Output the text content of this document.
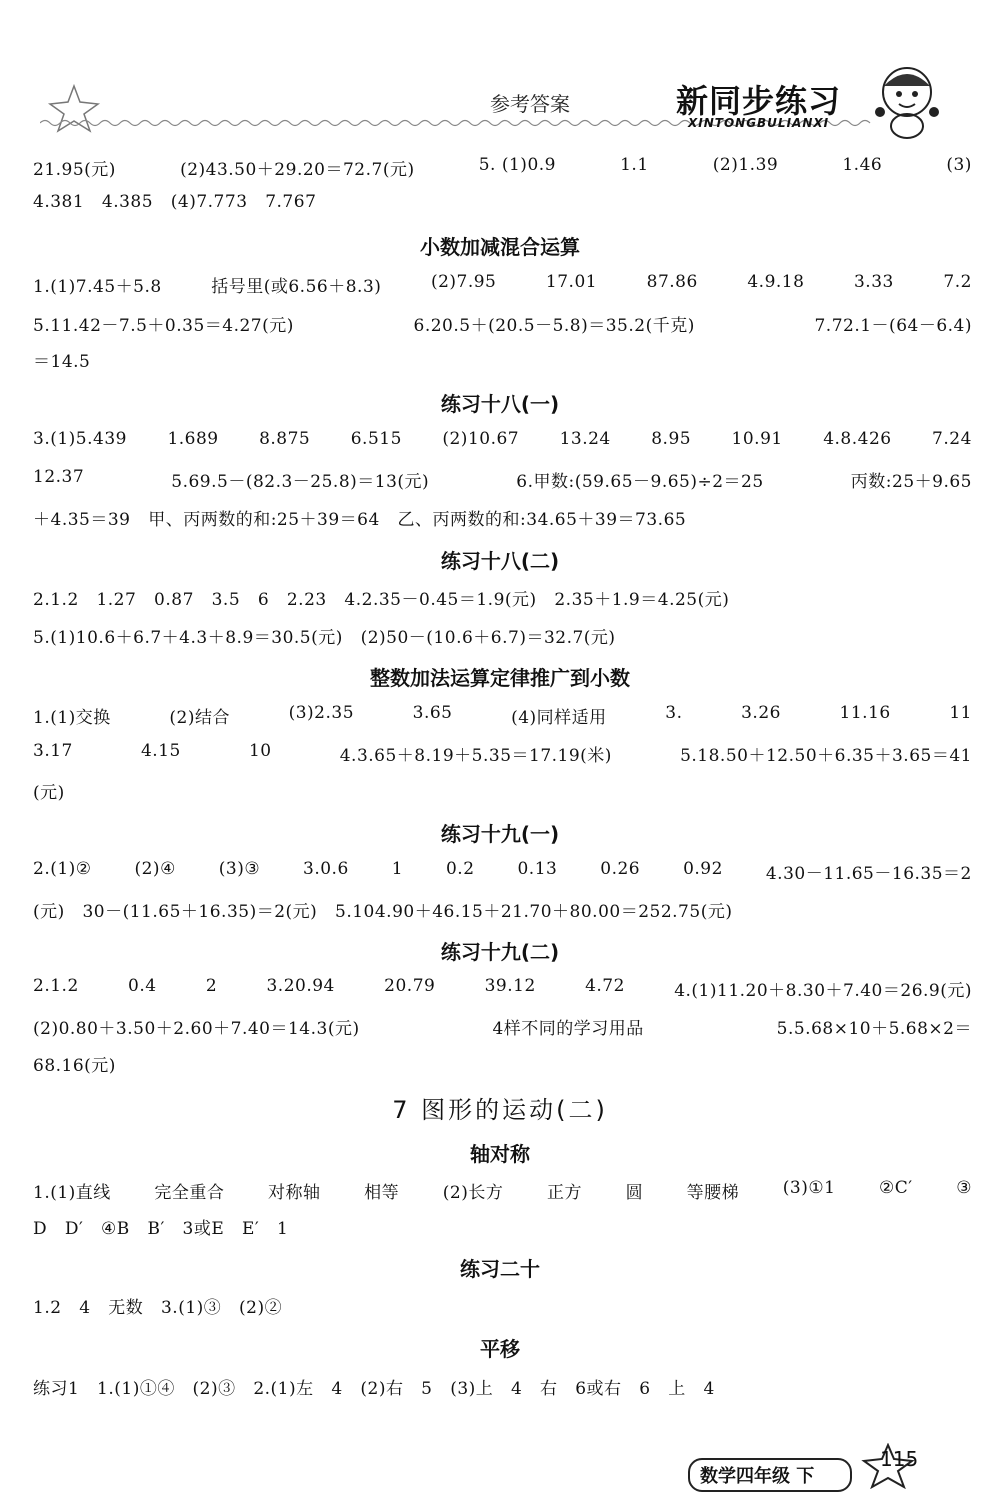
参考答案	新同步练习
XINTONGBULIANXI
21.95(元)	(2)43.50＋29.20＝72.7(元)	5. (1)0.9	1.1	(2)1.39	1.46	(3)
4.381   4.385   (4)7.773   7.767
小数加减混合运算
1.(1)7.45＋5.8	括号里(或6.56＋8.3)	(2)7.95	17.01	87.86	4.9.18	3.33	7.2
5.11.42－7.5＋0.35＝4.27(元)	6.20.5＋(20.5－5.8)＝35.2(千克)	7.72.1－(64－6.4)
＝14.5
练习十八(一)
3.(1)5.439 1.689 8.875 6.515 (2)10.67 13.24 8.95 10.91 4.8.426 7.24
12.37	5.69.5－(82.3－25.8)＝13(元)	6.甲数:(59.65－9.65)÷2＝25	丙数:25＋9.65
＋4.35＝39   甲、丙两数的和:25＋39＝64   乙、丙两数的和:34.65＋39＝73.65
练习十八(二)
2.1.2   1.27   0.87   3.5   6   2.23   4.2.35－0.45＝1.9(元)   2.35＋1.9＝4.25(元)
5.(1)10.6＋6.7＋4.3＋8.9＝30.5(元)   (2)50－(10.6＋6.7)＝32.7(元)
整数加法运算定律推广到小数
1.(1)交换	(2)结合	(3)2.35	3.65	(4)同样适用	3.	3.26	11.16	11
3.17	4.15	10	4.3.65＋8.19＋5.35＝17.19(米)	5.18.50＋12.50＋6.35＋3.65＝41
(元)
练习十九(一)
2.(1)②	(2)④	(3)③	3.0.6	1	0.2	0.13	0.26	0.92	4.30－11.65－16.35＝2
(元)   30－(11.65＋16.35)＝2(元)   5.104.90＋46.15＋21.70＋80.00＝252.75(元)
练习十九(二)
2.1.2	0.4	2	3.20.94	20.79	39.12	4.72	4.(1)11.20＋8.30＋7.40＝26.9(元)
(2)0.80＋3.50＋2.60＋7.40＝14.3(元)	4样不同的学习用品	5.5.68×10＋5.68×2＝
68.16(元)
7 图形的运动(二)
轴对称
1.(1)直线	完全重合	对称轴	相等	(2)长方	正方	圆	等腰梯	(3)①1	②C′	③
D   D′   ④B   B′   3或E   E′   1
练习二十
1.2   4   无数   3.(1)③   (2)②
平移
练习1   1.(1)①④   (2)③   2.(1)左   4   (2)右   5   (3)上   4   右   6或右   6   上   4
数学四年级 下
115
